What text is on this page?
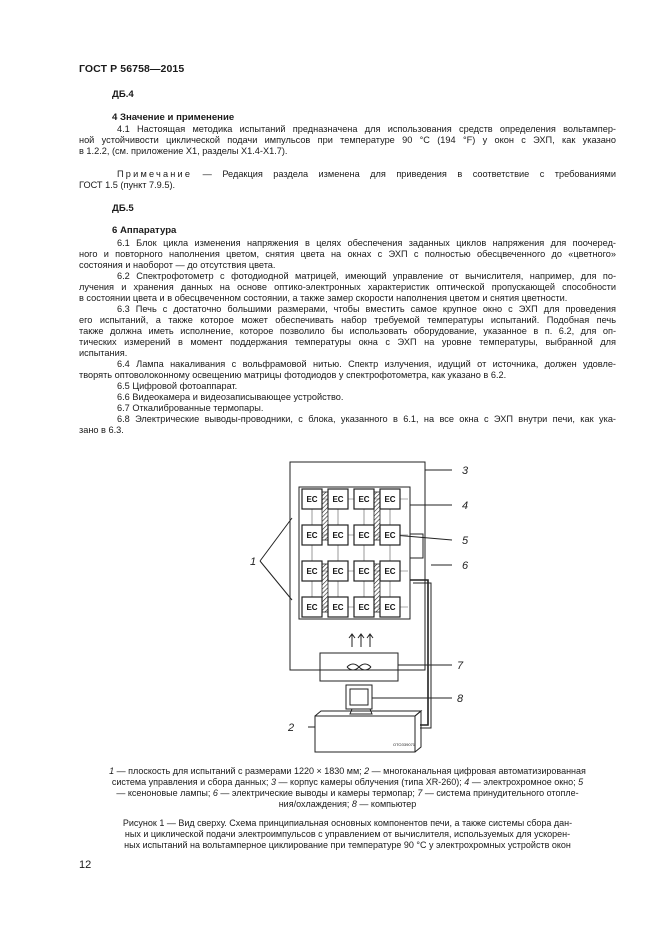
ГОСТ Р 56758—2015
ДБ.4
4 Значение и применение
4.1 Настоящая методика испытаний предназначена для использования средств определения вольтампер-
ной устойчивости циклической подачи импульсов при температуре 90 °С (194 °F) у окон с ЭХП, как указано
в 1.2.2, (см. приложение Х1, разделы Х1.4-Х1.7).
Примечание — Редакция раздела изменена для приведения в соответствие с требованиями
ГОСТ 1.5 (пункт 7.9.5).
ДБ.5
6 Аппаратура
6.1 Блок цикла изменения напряжения в целях обеспечения заданных циклов напряжения для поочеред-
ного и повторного наполнения цветом, снятия цвета на окнах с ЭХП с полностью обесцвеченного до «цветного»
состояния и наоборот — до отсутствия цвета.
6.2 Спектрофотометр с фотодиодной матрицей, имеющий управление от вычислителя, например, для по-
лучения и хранения данных на основе оптико-электронных характеристик оптической пропускающей способности
в состоянии цвета и в обесцвеченном состоянии, а также замер скорости наполнения цветом и снятия цветности.
6.3 Печь с достаточно большими размерами, чтобы вместить самое крупное окно с ЭХП для проведения
его испытаний, а также которое может обеспечивать набор требуемой температуры испытаний. Подобная печь
также должна иметь исполнение, которое позволило бы использовать оборудование, указанное в п. 6.2, для оп-
тических измерений в момент поддержания температуры окна с ЭХП на уровне температуры, выбранной для
испытания.
6.4 Лампа накаливания с вольфрамовой нитью. Спектр излучения, идущий от источника, должен удовле-
творять оптоволоконному освещению матрицы фотодиодов у спектрофотометра, как указано в 6.2.
6.5 Цифровой фотоаппарат.
6.6 Видеокамера и видеозаписывающее устройство.
6.7 Откалиброванные термопары.
6.8 Электрические выводы-проводники, с блока, указанного в 6.1, на все окна с ЭХП внутри печи, как ука-
зано в 6.3.
EC EC EC EC
EC EC EC EC
EC EC EC EC
EC EC EC EC
1
2
3
4
5
6
7
8
ОТОЗ39071
1 — плоскость для испытаний с размерами 1220 × 1830 мм; 2 — многоканальная цифровая автоматизированная
система управления и сбора данных; 3 — корпус камеры облучения (типа XR-260); 4 — электрохромное окно; 5
— ксеноновые лампы; 6 — электрические выводы и камеры термопар; 7 — система принудительного отопле-
ния/охлаждения; 8 — компьютер
Рисунок 1 — Вид сверху. Схема принципиальная основных компонентов печи, а также системы сбора дан-
ных и циклической подачи электроимпульсов с управлением от вычислителя, используемых для ускорен-
ных испытаний на вольтамперное циклирование при температуре 90 °С у электрохромных устройств окон
12
